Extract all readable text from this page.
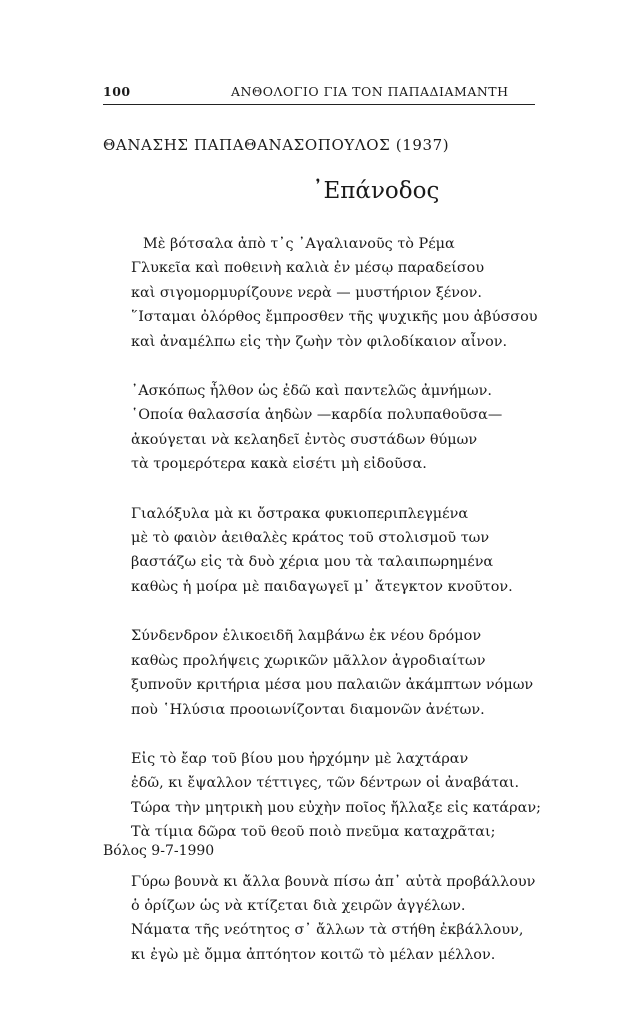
100	ΑΝΘΟΛΟΓΙΟ ΓΙΑ ΤΟΝ ΠΑΠΑΔΙΑΜΑΝΤΗ
ΘΑΝΑΣΗΣ ΠΑΠΑΘΑΝΑΣΟΠΟΥΛΟΣ (1937)
᾿Επάνοδος
Μὲ βότσαλα ἀπὸ τ᾿ς ᾿Αγαλιανοῦς τὸ Ρέμα
Γλυκεῖα καὶ ποθεινὴ καλιὰ ἐν μέσῳ παραδείσου
καὶ σιγομορμυρίζουνε νερὰ — μυστήριον ξένον.
῞Ισταμαι ὀλόρθος ἔμπροσθεν τῆς ψυχικῆς μου ἀβύσσου
καὶ ἀναμέλπω εἰς τὴν ζωὴν τὸν φιλοδίκαιον αἶνον.
᾿Ασκόπως ἦλθον ὡς ἐδῶ καὶ παντελῶς ἀμνήμων.
῾Οποία θαλασσία ἀηδὼν —καρδία πολυπαθοῦσα—
ἀκούγεται νὰ κελαηδεῖ ἐντὸς συστάδων θύμων
τὰ τρομερότερα κακὰ εἰσέτι μὴ εἰδοῦσα.
Γιαλόξυλα μὰ κι ὄστρακα φυκιοπεριπλεγμένα
μὲ τὸ φαιὸν ἀειθαλὲς κράτος τοῦ στολισμοῦ των
βαστάζω εἰς τὰ δυὸ χέρια μου τὰ ταλαιπωρημένα
καθὼς ἡ μοίρα μὲ παιδαγωγεῖ μ᾿ ἄτεγκτον κνοῦτον.
Σύνδενδρον ἑλικοειδῆ λαμβάνω ἐκ νέου δρόμον
καθὼς προλήψεις χωρικῶν μᾶλλον ἀγροδιαίτων
ξυπνοῦν κριτήρια μέσα μου παλαιῶν ἀκάμπτων νόμων
ποὺ ῾Ηλύσια προοιωνίζονται διαμονῶν ἀνέτων.
Εἰς τὸ ἔαρ τοῦ βίου μου ἠρχόμην μὲ λαχτάραν
ἐδῶ, κι ἔψαλλον τέττιγες, τῶν δέντρων οἱ ἀναβάται.
Τώρα τὴν μητρικὴ μου εὐχὴν ποῖος ἤλλαξε εἰς κατάραν;
Τὰ τίμια δῶρα τοῦ θεοῦ ποιὸ πνεῦμα καταχρᾶται;
Γύρω βουνὰ κι ἄλλα βουνὰ πίσω ἀπ᾿ αὐτὰ προβάλλουν
ὁ ὁρίζων ὡς νὰ κτίζεται διὰ χειρῶν ἀγγέλων.
Νάματα τῆς νεότητος σ᾿ ἄλλων τὰ στήθη ἐκβάλλουν,
κι ἐγὼ μὲ ὄμμα ἀπτόητον κοιτῶ τὸ μέλαν μέλλον.
Βόλος 9-7-1990
